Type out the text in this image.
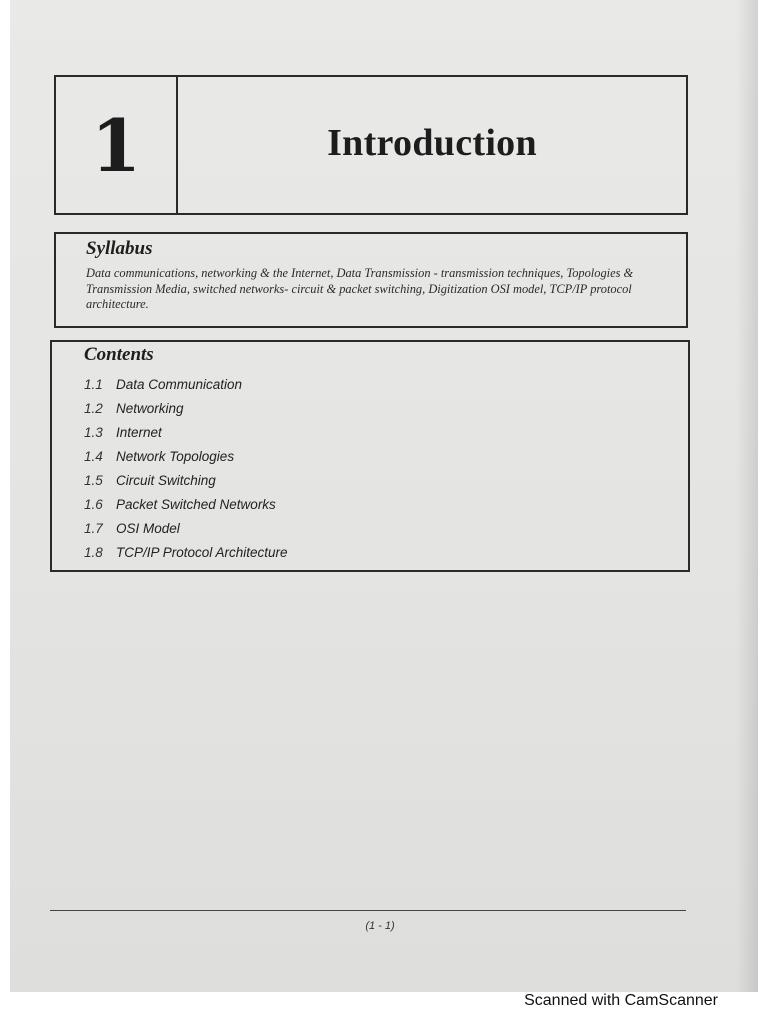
1	Introduction
Syllabus

Data communications, networking & the Internet, Data Transmission - transmission techniques, Topologies & Transmission Media, switched networks- circuit & packet switching, Digitization OSI model, TCP/IP protocol architecture.

Contents
1.1 Data Communication
1.2 Networking
1.3 Internet
1.4 Network Topologies
1.5 Circuit Switching
1.6 Packet Switched Networks
1.7 OSI Model
1.8 TCP/IP Protocol Architecture
(1 - 1)
Scanned with CamScanner
